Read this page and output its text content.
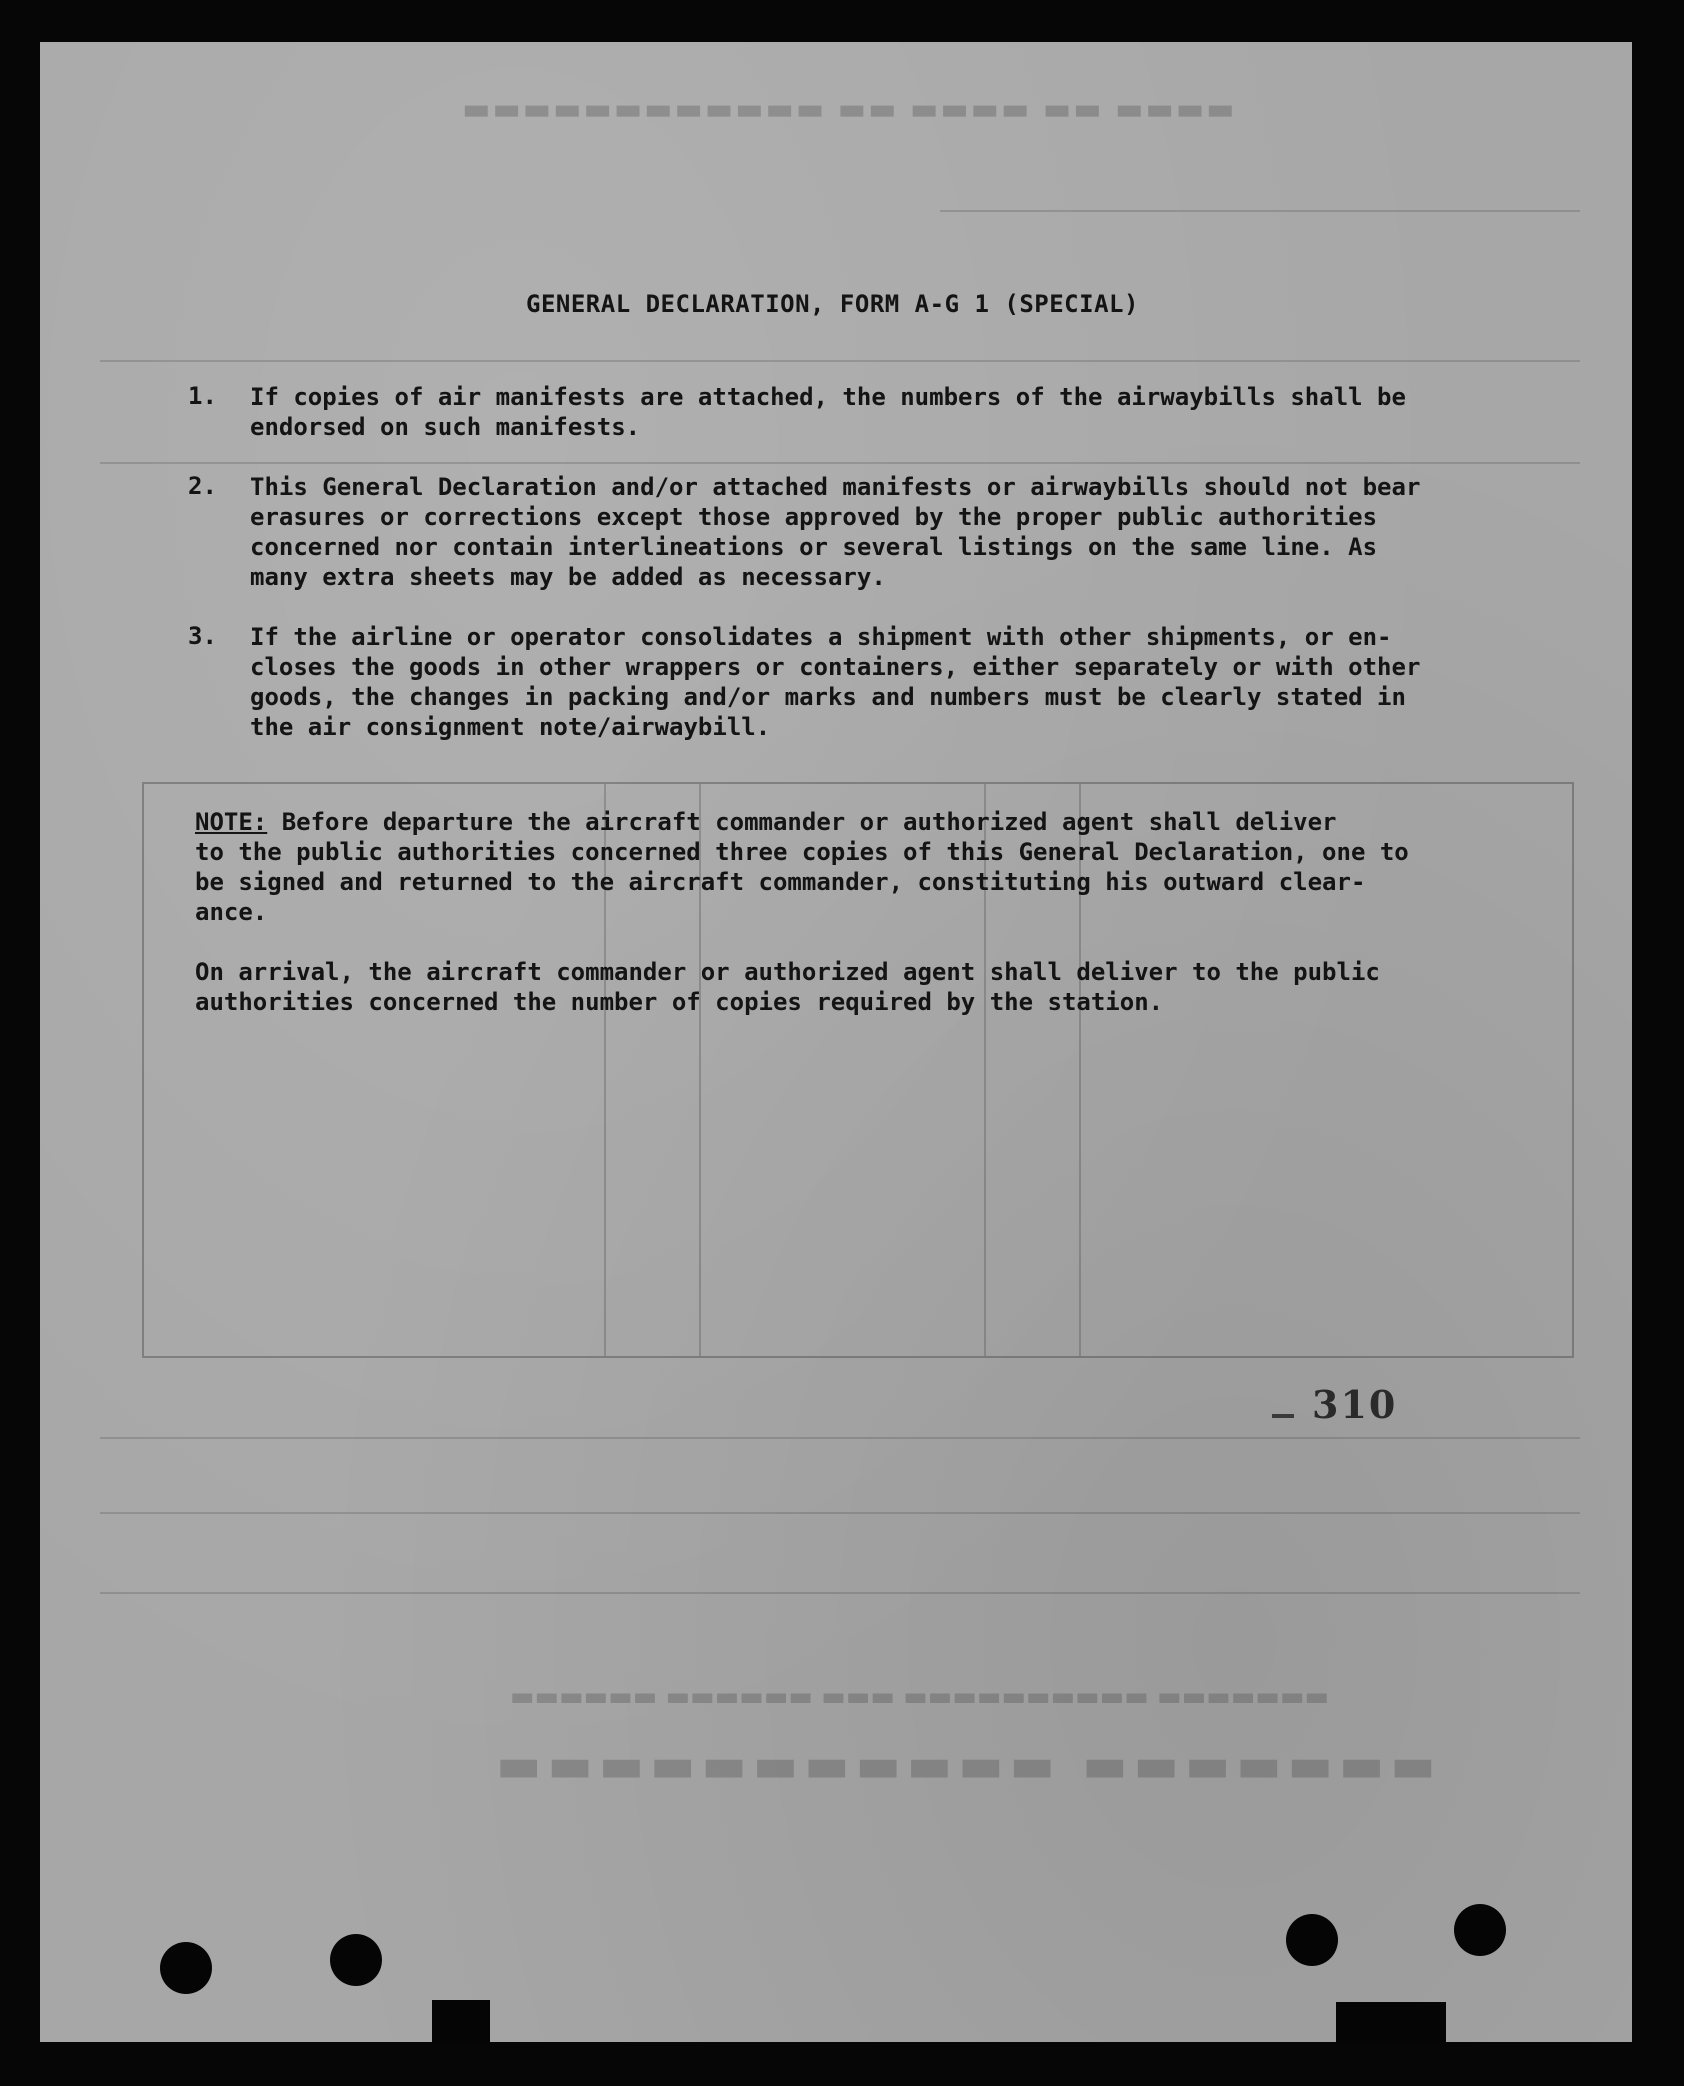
▬▬▬▬ ▬▬ ▬▬▬▬ ▬▬ ▬▬▬▬▬▬▬▬▬▬▬▬
▬▬▬▬▬▬▬ ▬▬▬▬▬▬▬▬▬▬ ▬▬▬ ▬▬▬▬▬▬ ▬▬▬▬▬▬
▬▬▬▬▬▬▬ ▬▬▬▬▬▬▬▬▬▬▬
GENERAL DECLARATION, FORM A-G 1 (SPECIAL)
1. If copies of air manifests are attached, the numbers of the airwaybills shall be
endorsed on such manifests.
2. This General Declaration and/or attached manifests or airwaybills should not bear
erasures or corrections except those approved by the proper public authorities
concerned nor contain interlineations or several listings on the same line. As
many extra sheets may be added as necessary.
3. If the airline or operator consolidates a shipment with other shipments, or en-
closes the goods in other wrappers or containers, either separately or with other
goods, the changes in packing and/or marks and numbers must be clearly stated in
the air consignment note/airwaybill.
NOTE: Before departure the aircraft commander or authorized agent shall deliver
to the public authorities concerned three copies of this General Declaration, one to
be signed and returned to the aircraft commander, constituting his outward clear-
ance.
On arrival, the aircraft commander or authorized agent shall deliver to the public
authorities concerned the number of copies required by the station.
310
